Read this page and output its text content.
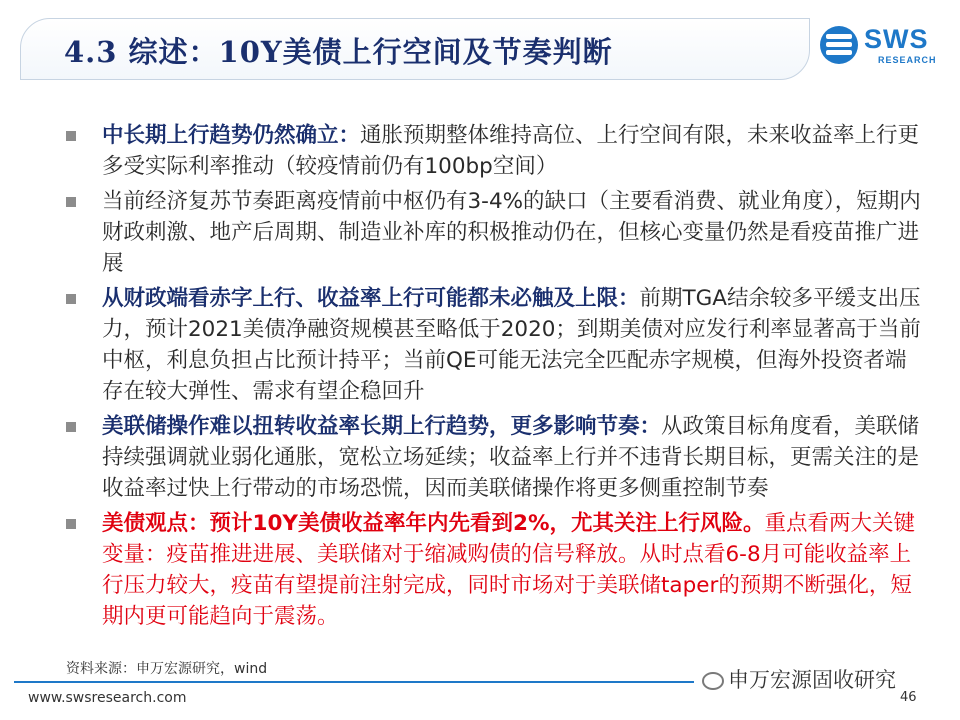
4.3 综述：10Y美债上行空间及节奏判断	SWS
RESEARCH
中长期上行趋势仍然确立：通胀预期整体维持高位、上行空间有限，未来收益率上行更多受实际利率推动（较疫情前仍有100bp空间）
当前经济复苏节奏距离疫情前中枢仍有3-4%的缺口（主要看消费、就业角度），短期内财政刺激、地产后周期、制造业补库的积极推动仍在，但核心变量仍然是看疫苗推广进展
从财政端看赤字上行、收益率上行可能都未必触及上限：前期TGA结余较多平缓支出压力，预计2021美债净融资规模甚至略低于2020；到期美债对应发行利率显著高于当前中枢，利息负担占比预计持平；当前QE可能无法完全匹配赤字规模，但海外投资者端存在较大弹性、需求有望企稳回升
美联储操作难以扭转收益率长期上行趋势，更多影响节奏：从政策目标角度看，美联储持续强调就业弱化通胀，宽松立场延续；收益率上行并不违背长期目标，更需关注的是收益率过快上行带动的市场恐慌，因而美联储操作将更多侧重控制节奏
美债观点：预计10Y美债收益率年内先看到2%，尤其关注上行风险。重点看两大关键变量：疫苗推进进展、美联储对于缩减购债的信号释放。从时点看6-8月可能收益率上行压力较大，疫苗有望提前注射完成，同时市场对于美联储taper的预期不断强化，短期内更可能趋向于震荡。
资料来源：申万宏源研究，wind	申万宏源固收研究
www.swsresearch.com	46
